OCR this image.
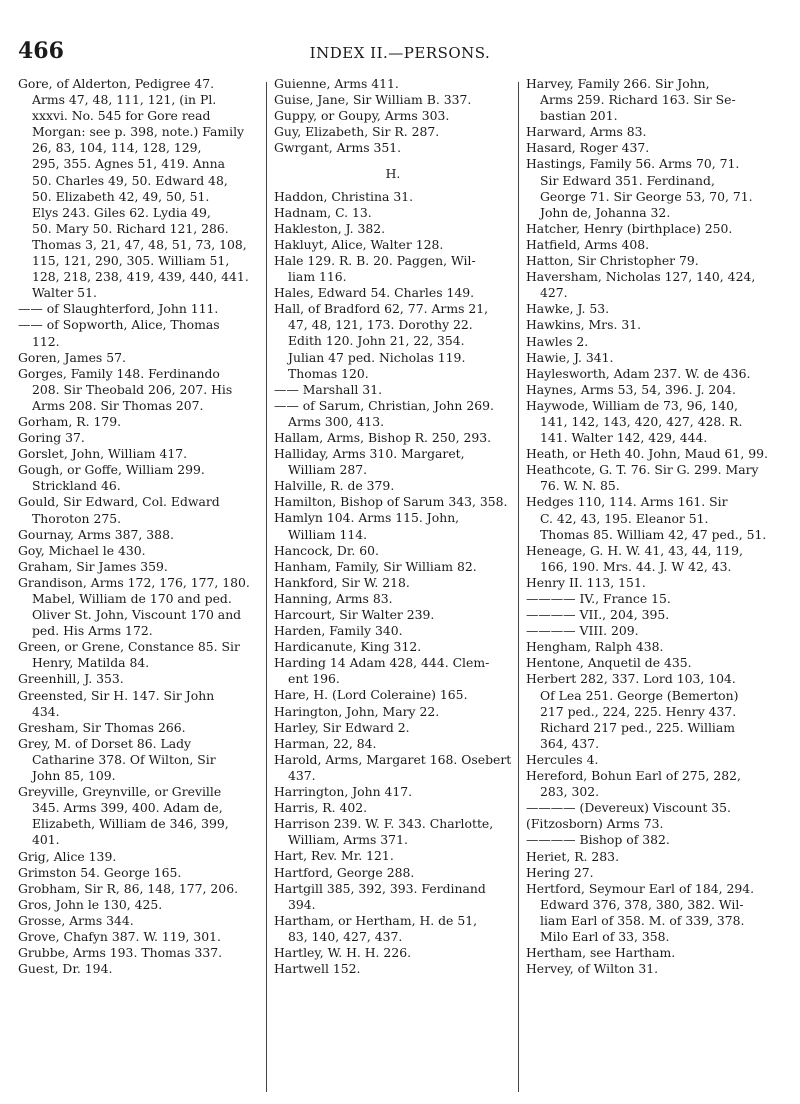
466	INDEX II.—PERSONS.
Gore, of Alderton, Pedigree 47.
Arms 47, 48, 111, 121, (in Pl.
xxxvi. No. 545 for Gore read
Morgan: see p. 398, note.) Family
26, 83, 104, 114, 128, 129,
295, 355. Agnes 51, 419. Anna
50. Charles 49, 50. Edward 48,
50. Elizabeth 42, 49, 50, 51.
Elys 243. Giles 62. Lydia 49,
50. Mary 50. Richard 121, 286.
Thomas 3, 21, 47, 48, 51, 73, 108,
115, 121, 290, 305. William 51,
128, 218, 238, 419, 439, 440, 441.
Walter 51.
—— of Slaughterford, John 111.
—— of Sopworth, Alice, Thomas
112.
Goren, James 57.
Gorges, Family 148. Ferdinando
208. Sir Theobald 206, 207. His
Arms 208. Sir Thomas 207.
Gorham, R. 179.
Goring 37.
Gorslet, John, William 417.
Gough, or Goffe, William 299.
Strickland 46.
Gould, Sir Edward, Col. Edward
Thoroton 275.
Gournay, Arms 387, 388.
Goy, Michael le 430.
Graham, Sir James 359.
Grandison, Arms 172, 176, 177, 180.
Mabel, William de 170 and ped.
Oliver St. John, Viscount 170 and
ped. His Arms 172.
Green, or Grene, Constance 85. Sir
Henry, Matilda 84.
Greenhill, J. 353.
Greensted, Sir H. 147. Sir John
434.
Gresham, Sir Thomas 266.
Grey, M. of Dorset 86. Lady
Catharine 378. Of Wilton, Sir
John 85, 109.
Greyville, Greynville, or Greville
345. Arms 399, 400. Adam de,
Elizabeth, William de 346, 399,
401.
Grig, Alice 139.
Grimston 54. George 165.
Grobham, Sir R, 86, 148, 177, 206.
Gros, John le 130, 425.
Grosse, Arms 344.
Grove, Chafyn 387. W. 119, 301.
Grubbe, Arms 193. Thomas 337.
Guest, Dr. 194.
Guienne, Arms 411.
Guise, Jane, Sir William B. 337.
Guppy, or Goupy, Arms 303.
Guy, Elizabeth, Sir R. 287.
Gwrgant, Arms 351.
H.
Haddon, Christina 31.
Hadnam, C. 13.
Hakleston, J. 382.
Hakluyt, Alice, Walter 128.
Hale 129. R. B. 20. Paggen, Wil-
liam 116.
Hales, Edward 54. Charles 149.
Hall, of Bradford 62, 77. Arms 21,
47, 48, 121, 173. Dorothy 22.
Edith 120. John 21, 22, 354.
Julian 47 ped. Nicholas 119.
Thomas 120.
—— Marshall 31.
—— of Sarum, Christian, John 269.
Arms 300, 413.
Hallam, Arms, Bishop R. 250, 293.
Halliday, Arms 310. Margaret,
William 287.
Halville, R. de 379.
Hamilton, Bishop of Sarum 343, 358.
Hamlyn 104. Arms 115. John,
William 114.
Hancock, Dr. 60.
Hanham, Family, Sir William 82.
Hankford, Sir W. 218.
Hanning, Arms 83.
Harcourt, Sir Walter 239.
Harden, Family 340.
Hardicanute, King 312.
Harding 14 Adam 428, 444. Clem-
ent 196.
Hare, H. (Lord Coleraine) 165.
Harington, John, Mary 22.
Harley, Sir Edward 2.
Harman, 22, 84.
Harold, Arms, Margaret 168. Osebert
437.
Harrington, John 417.
Harris, R. 402.
Harrison 239. W. F. 343. Charlotte,
William, Arms 371.
Hart, Rev. Mr. 121.
Hartford, George 288.
Hartgill 385, 392, 393. Ferdinand
394.
Hartham, or Hertham, H. de 51,
83, 140, 427, 437.
Hartley, W. H. H. 226.
Hartwell 152.
Harvey, Family 266. Sir John,
Arms 259. Richard 163. Sir Se-
bastian 201.
Harward, Arms 83.
Hasard, Roger 437.
Hastings, Family 56. Arms 70, 71.
Sir Edward 351. Ferdinand,
George 71. Sir George 53, 70, 71.
John de, Johanna 32.
Hatcher, Henry (birthplace) 250.
Hatfield, Arms 408.
Hatton, Sir Christopher 79.
Haversham, Nicholas 127, 140, 424,
427.
Hawke, J. 53.
Hawkins, Mrs. 31.
Hawles 2.
Hawie, J. 341.
Haylesworth, Adam 237. W. de 436.
Haynes, Arms 53, 54, 396. J. 204.
Haywode, William de 73, 96, 140,
141, 142, 143, 420, 427, 428. R.
141. Walter 142, 429, 444.
Heath, or Heth 40. John, Maud 61, 99.
Heathcote, G. T. 76. Sir G. 299. Mary
76. W. N. 85.
Hedges 110, 114. Arms 161. Sir
C. 42, 43, 195. Eleanor 51.
Thomas 85. William 42, 47 ped., 51.
Heneage, G. H. W. 41, 43, 44, 119,
166, 190. Mrs. 44. J. W 42, 43.
Henry II. 113, 151.
———— IV., France 15.
———— VII., 204, 395.
———— VIII. 209.
Hengham, Ralph 438.
Hentone, Anquetil de 435.
Herbert 282, 337. Lord 103, 104.
Of Lea 251. George (Bemerton)
217 ped., 224, 225. Henry 437.
Richard 217 ped., 225. William
364, 437.
Hercules 4.
Hereford, Bohun Earl of 275, 282,
283, 302.
———— (Devereux) Viscount 35.
(Fitzosborn) Arms 73.
———— Bishop of 382.
Heriet, R. 283.
Hering 27.
Hertford, Seymour Earl of 184, 294.
Edward 376, 378, 380, 382. Wil-
liam Earl of 358. M. of 339, 378.
Milo Earl of 33, 358.
Hertham, see Hartham.
Hervey, of Wilton 31.
